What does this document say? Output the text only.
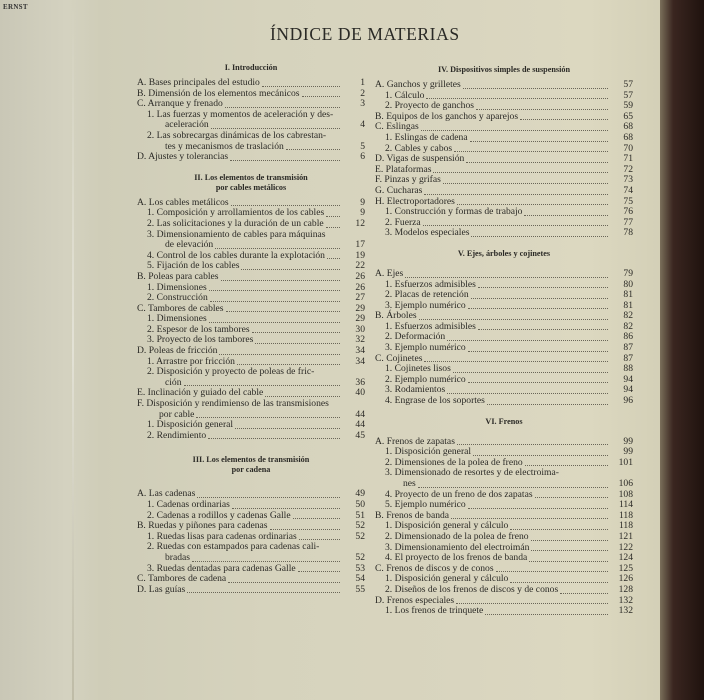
ERNST
ÍNDICE DE MATERIAS
I. Introducción
A. Bases principales del estudio	1
B. Dimensión de los elementos mecánicos	2
C. Arranque y frenado	3
1. Las fuerzas y momentos de aceleración y des-
aceleración	4
2. Las sobrecargas dinámicas de los cabrestan-
tes y mecanismos de traslación	5
D. Ajustes y tolerancias	6
II. Los elementos de transmisión
por cables metálicos
A. Los cables metálicos	9
1. Composición y arrollamientos de los cables	9
2. Las solicitaciones y la duración de un cable	12
3. Dimensionamiento de cables para máquinas
de elevación	17
4. Control de los cables durante la explotación	19
5. Fijación de los cables	22
B. Poleas para cables	26
1. Dimensiones	26
2. Construcción	27
C. Tambores de cables	29
1. Dimensiones	29
2. Espesor de los tambores	30
3. Proyecto de los tambores	32
D. Poleas de fricción	34
1. Arrastre por fricción	34
2. Disposición y proyecto de poleas de fric-
ción	36
E. Inclinación y guiado del cable	40
F. Disposición y rendimienso de las transmisiones
por cable	44
1. Disposición general	44
2. Rendimiento	45
III. Los elementos de transmisión
por cadena
A. Las cadenas	49
1. Cadenas ordinarias	50
2. Cadenas a rodillos y cadenas Galle	51
B. Ruedas y piñones para cadenas	52
1. Ruedas lisas para cadenas ordinarias	52
2. Ruedas con estampados para cadenas cali-
bradas	52
3. Ruedas dentadas para cadenas Galle	53
C. Tambores de cadena	54
D. Las guías	55
IV. Dispositivos simples de suspensión
A. Ganchos y grilletes	57
1. Cálculo	57
2. Proyecto de ganchos	59
B. Equipos de los ganchos y aparejos	65
C. Eslingas	68
1. Eslingas de cadena	68
2. Cables y cabos	70
D. Vigas de suspensión	71
E. Plataformas	72
F. Pinzas y grifas	73
G. Cucharas	74
H. Electroportadores	75
1. Construcción y formas de trabajo	76
2. Fuerza	77
3. Modelos especiales	78
V. Ejes, árboles y cojinetes
A. Ejes	79
1. Esfuerzos admisibles	80
2. Placas de retención	81
3. Ejemplo numérico	81
B. Árboles	82
1. Esfuerzos admisibles	82
2. Deformación	86
3. Ejemplo numérico	87
C. Cojinetes	87
1. Cojinetes lisos	88
2. Ejemplo numérico	94
3. Rodamientos	94
4. Engrase de los soportes	96
VI. Frenos
A. Frenos de zapatas	99
1. Disposición general	99
2. Dimensiones de la polea de freno	101
3. Dimensionado de resortes y de electroima-
nes	106
4. Proyecto de un freno de dos zapatas	108
5. Ejemplo numérico	114
B. Frenos de banda	118
1. Disposición general y cálculo	118
2. Dimensionado de la polea de freno	121
3. Dimensionamiento del electroimán	122
4. El proyecto de los frenos de banda	124
C. Frenos de discos y de conos	125
1. Disposición general y cálculo	126
2. Diseños de los frenos de discos y de conos	128
D. Frenos especiales	132
1. Los frenos de trinquete	132
